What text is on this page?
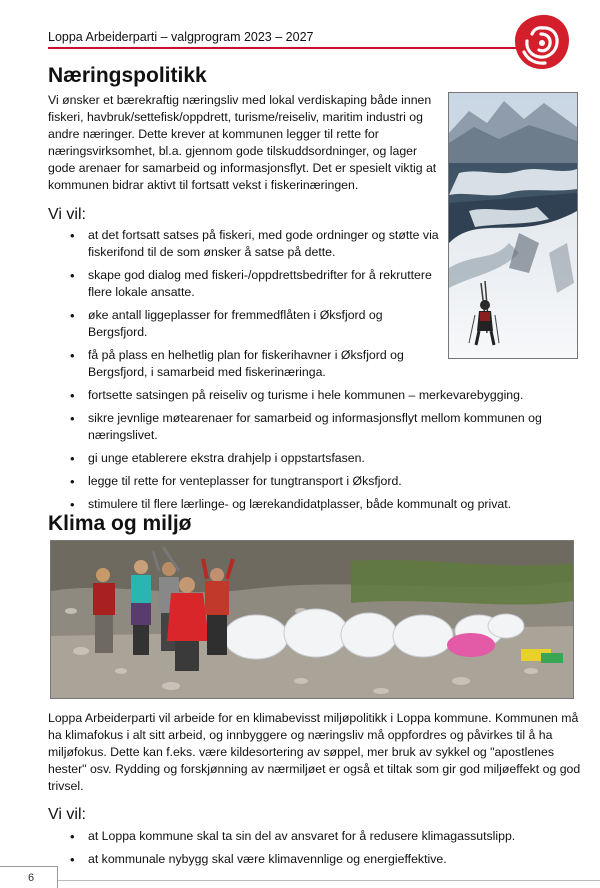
Loppa Arbeiderparti – valgprogram 2023 – 2027
Næringspolitikk
Vi ønsker et bærekraftig næringsliv med lokal verdiskaping både innen
fiskeri, havbruk/settefisk/oppdrett, turisme/reiseliv, maritim industri og
andre næringer. Dette krever at kommunen legger til rette for
næringsvirksomhet, bl.a. gjennom gode tilskuddsordninger, og lager
gode arenaer for samarbeid og informasjonsflyt. Det er spesielt viktig at
kommunen bidrar aktivt til fortsatt vekst i fiskerinæringen.
Vi vil:
• at det fortsatt satses på fiskeri, med gode ordninger og støtte via
fiskerifond til de som ønsker å satse på dette.
• skape god dialog med fiskeri-/oppdrettsbedrifter for å rekruttere
flere lokale ansatte.
• øke antall liggeplasser for fremmedflåten i Øksfjord og
Bergsfjord.
• få på plass en helhetlig plan for fiskerihavner i Øksfjord og
Bergsfjord, i samarbeid med fiskerinæringa.
• fortsette satsingen på reiseliv og turisme i hele kommunen – merkevarebygging.
• sikre jevnlige møtearenaer for samarbeid og informasjonsflyt mellom kommunen og
næringslivet.
• gi unge etablerere ekstra drahjelp i oppstartsfasen.
• legge til rette for venteplasser for tungtransport i Øksfjord.
• stimulere til flere lærlinge- og lærekandidatplasser, både kommunalt og privat.
Klima og miljø
Loppa Arbeiderparti vil arbeide for en klimabevisst miljøpolitikk i Loppa kommune. Kommunen må
ha klimafokus i alt sitt arbeid, og innbyggere og næringsliv må oppfordres og påvirkes til å ha
miljøfokus. Dette kan f.eks. være kildesortering av søppel, mer bruk av sykkel og "apostlenes
hester" osv. Rydding og forskjønning av nærmiljøet er også et tiltak som gir god miljøeffekt og god
trivsel.
Vi vil:
• at Loppa kommune skal ta sin del av ansvaret for å redusere klimagassutslipp.
• at kommunale nybygg skal være klimavennlige og energieffektive.
6
